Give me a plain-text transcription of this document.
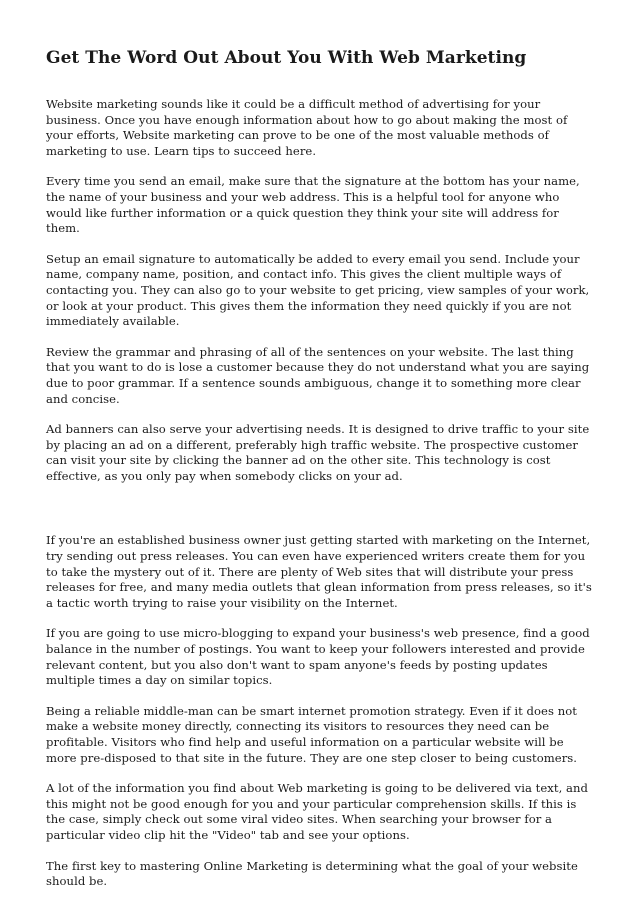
Get The Word Out About You With Web Marketing

Website marketing sounds like it could be a difficult method of advertising for your business. Once you have enough information about how to go about making the most of your efforts, Website marketing can prove to be one of the most valuable methods of marketing to use. Learn tips to succeed here.

Every time you send an email, make sure that the signature at the bottom has your name, the name of your business and your web address. This is a helpful tool for anyone who would like further information or a quick question they think your site will address for them.

Setup an email signature to automatically be added to every email you send. Include your name, company name, position, and contact info. This gives the client multiple ways of contacting you. They can also go to your website to get pricing, view samples of your work, or look at your product. This gives them the information they need quickly if you are not immediately available.

Review the grammar and phrasing of all of the sentences on your website. The last thing that you want to do is lose a customer because they do not understand what you are saying due to poor grammar. If a sentence sounds ambiguous, change it to something more clear and concise.

Ad banners can also serve your advertising needs. It is designed to drive traffic to your site by placing an ad on a different, preferably high traffic website. The prospective customer can visit your site by clicking the banner ad on the other site. This technology is cost effective, as you only pay when somebody clicks on your ad.

If you're an established business owner just getting started with marketing on the Internet, try sending out press releases. You can even have experienced writers create them for you to take the mystery out of it. There are plenty of Web sites that will distribute your press releases for free, and many media outlets that glean information from press releases, so it's a tactic worth trying to raise your visibility on the Internet.

If you are going to use micro-blogging to expand your business's web presence, find a good balance in the number of postings. You want to keep your followers interested and provide relevant content, but you also don't want to spam anyone's feeds by posting updates multiple times a day on similar topics.

Being a reliable middle-man can be smart internet promotion strategy. Even if it does not make a website money directly, connecting its visitors to resources they need can be profitable. Visitors who find help and useful information on a particular website will be more pre-disposed to that site in the future. They are one step closer to being customers.

A lot of the information you find about Web marketing is going to be delivered via text, and this might not be good enough for you and your particular comprehension skills. If this is the case, simply check out some viral video sites. When searching your browser for a particular video clip hit the "Video" tab and see your options.

The first key to mastering Online Marketing is determining what the goal of your website should be.
